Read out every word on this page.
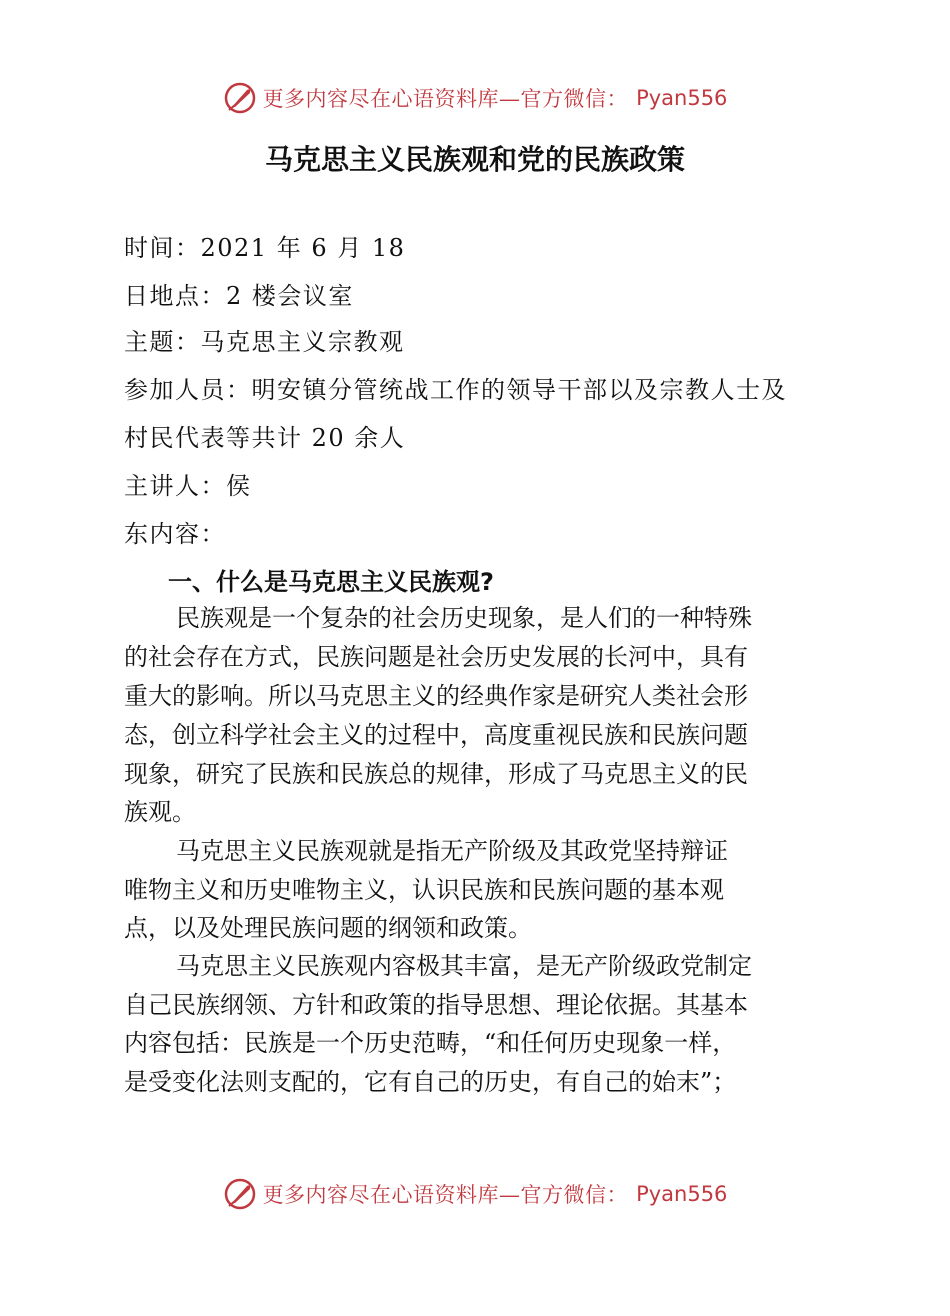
更多内容尽在心语资料库—官方微信： Pyan556
马克思主义民族观和党的民族政策
时间：2021 年 6 月 18
日地点：2 楼会议室
主题：马克思主义宗教观
参加人员：明安镇分管统战工作的领导干部以及宗教人士及
村民代表等共计 20 余人
主讲人：侯
东内容：
一、什么是马克思主义民族观?
民族观是一个复杂的社会历史现象，是人们的一种特殊
的社会存在方式，民族问题是社会历史发展的长河中，具有
重大的影响。所以马克思主义的经典作家是研究人类社会形
态，创立科学社会主义的过程中，高度重视民族和民族问题
现象，研究了民族和民族总的规律，形成了马克思主义的民
族观。
马克思主义民族观就是指无产阶级及其政党坚持辩证
唯物主义和历史唯物主义，认识民族和民族问题的基本观
点，以及处理民族问题的纲领和政策。
马克思主义民族观内容极其丰富，是无产阶级政党制定
自己民族纲领、方针和政策的指导思想、理论依据。其基本
内容包括：民族是一个历史范畴，“和任何历史现象一样，
是受变化法则支配的，它有自己的历史，有自己的始末”；
更多内容尽在心语资料库—官方微信： Pyan556
